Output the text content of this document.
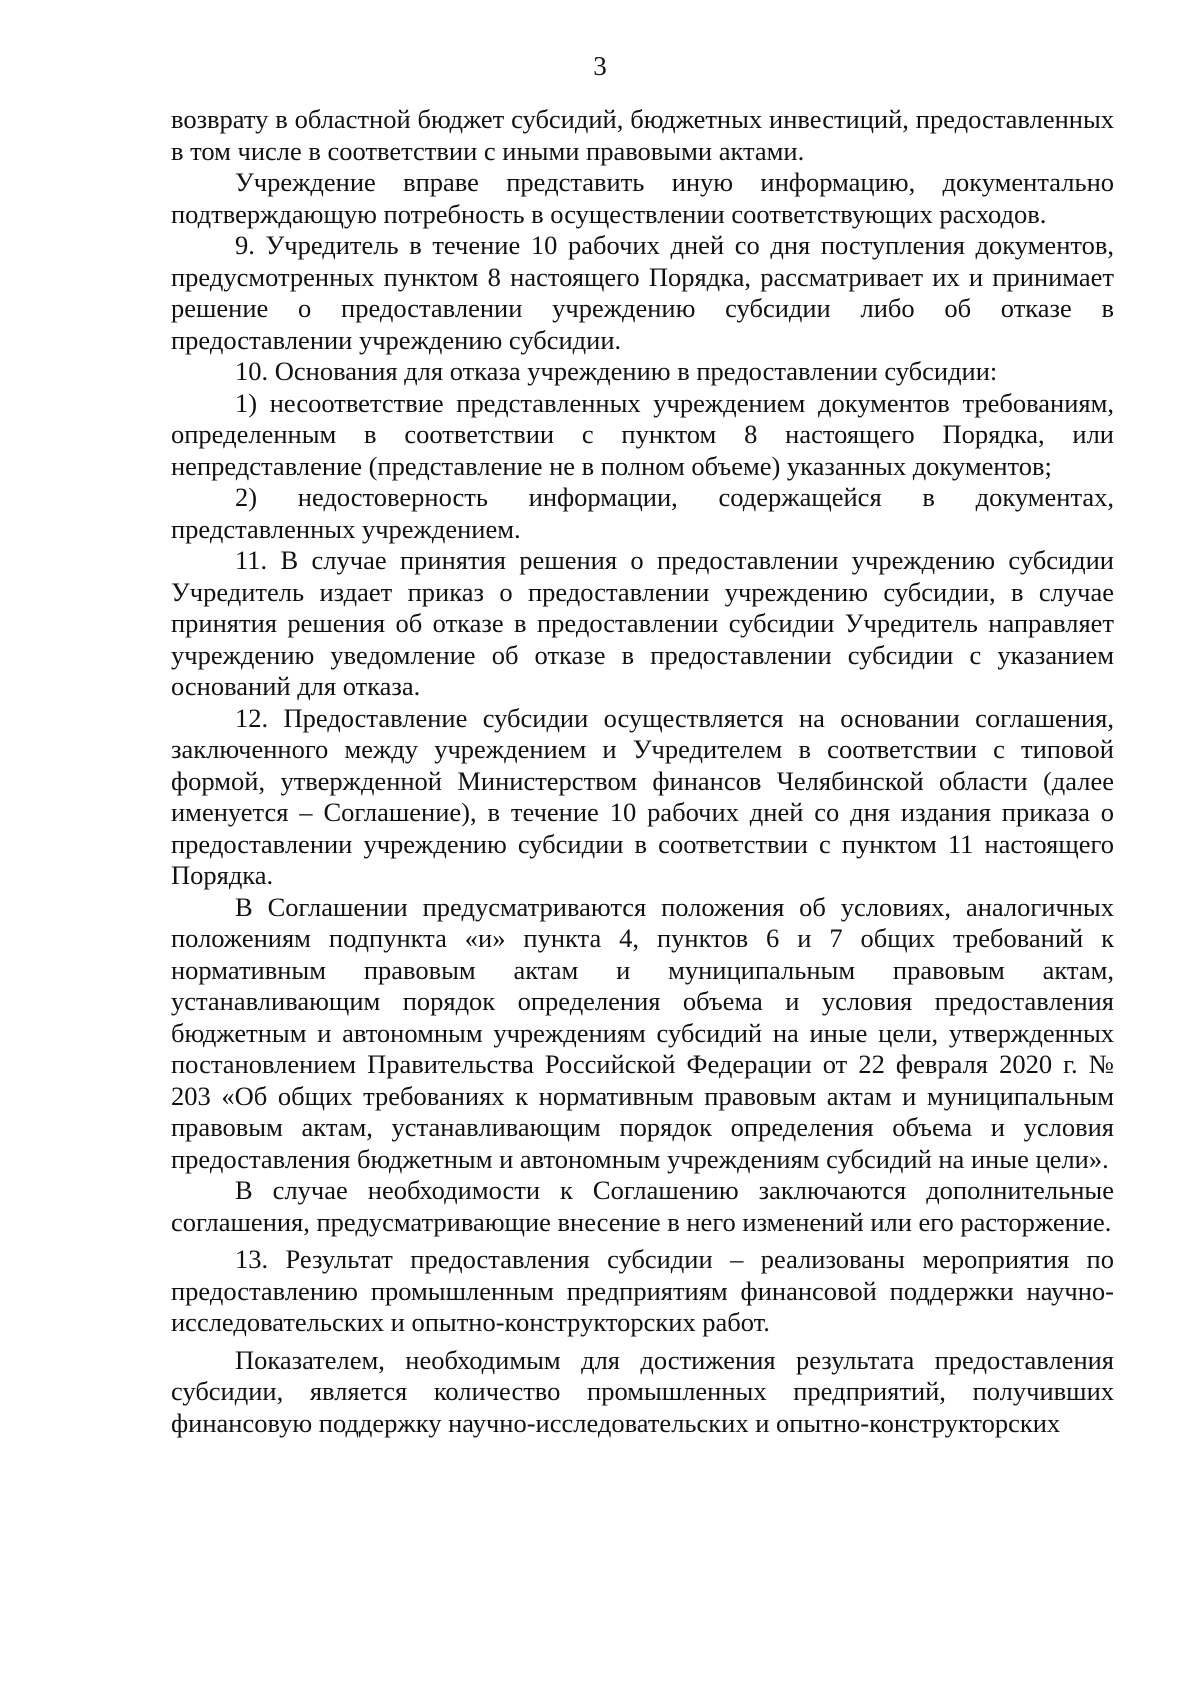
3

возврату в областной бюджет субсидий, бюджетных инвестиций, предоставленных в том числе в соответствии с иными правовыми актами.

Учреждение вправе представить иную информацию, документально подтверждающую потребность в осуществлении соответствующих расходов.

9. Учредитель в течение 10 рабочих дней со дня поступления документов, предусмотренных пунктом 8 настоящего Порядка, рассматривает их и принимает решение о предоставлении учреждению субсидии либо об отказе в предоставлении учреждению субсидии.

10. Основания для отказа учреждению в предоставлении субсидии:

1) несоответствие представленных учреждением документов требованиям, определенным в соответствии с пунктом 8 настоящего Порядка, или непредставление (представление не в полном объеме) указанных документов;

2) недостоверность информации, содержащейся в документах, представленных учреждением.

11. В случае принятия решения о предоставлении учреждению субсидии Учредитель издает приказ о предоставлении учреждению субсидии, в случае принятия решения об отказе в предоставлении субсидии Учредитель направляет учреждению уведомление об отказе в предоставлении субсидии с указанием оснований для отказа.

12. Предоставление субсидии осуществляется на основании соглашения, заключенного между учреждением и Учредителем в соответствии с типовой формой, утвержденной Министерством финансов Челябинской области (далее именуется – Соглашение), в течение 10 рабочих дней со дня издания приказа о предоставлении учреждению субсидии в соответствии с пунктом 11 настоящего Порядка.

В Соглашении предусматриваются положения об условиях, аналогичных положениям подпункта «и» пункта 4, пунктов 6 и 7 общих требований к нормативным правовым актам и муниципальным правовым актам, устанавливающим порядок определения объема и условия предоставления бюджетным и автономным учреждениям субсидий на иные цели, утвержденных постановлением Правительства Российской Федерации от 22 февраля 2020 г. № 203 «Об общих требованиях к нормативным правовым актам и муниципальным правовым актам, устанавливающим порядок определения объема и условия предоставления бюджетным и автономным учреждениям субсидий на иные цели».

В случае необходимости к Соглашению заключаются дополнительные соглашения, предусматривающие внесение в него изменений или его расторжение.

13. Результат предоставления субсидии – реализованы мероприятия по предоставлению промышленным предприятиям финансовой поддержки научно-исследовательских и опытно-конструкторских работ.

Показателем, необходимым для достижения результата предоставления субсидии, является количество промышленных предприятий, получивших финансовую поддержку научно-исследовательских и опытно-конструкторских
